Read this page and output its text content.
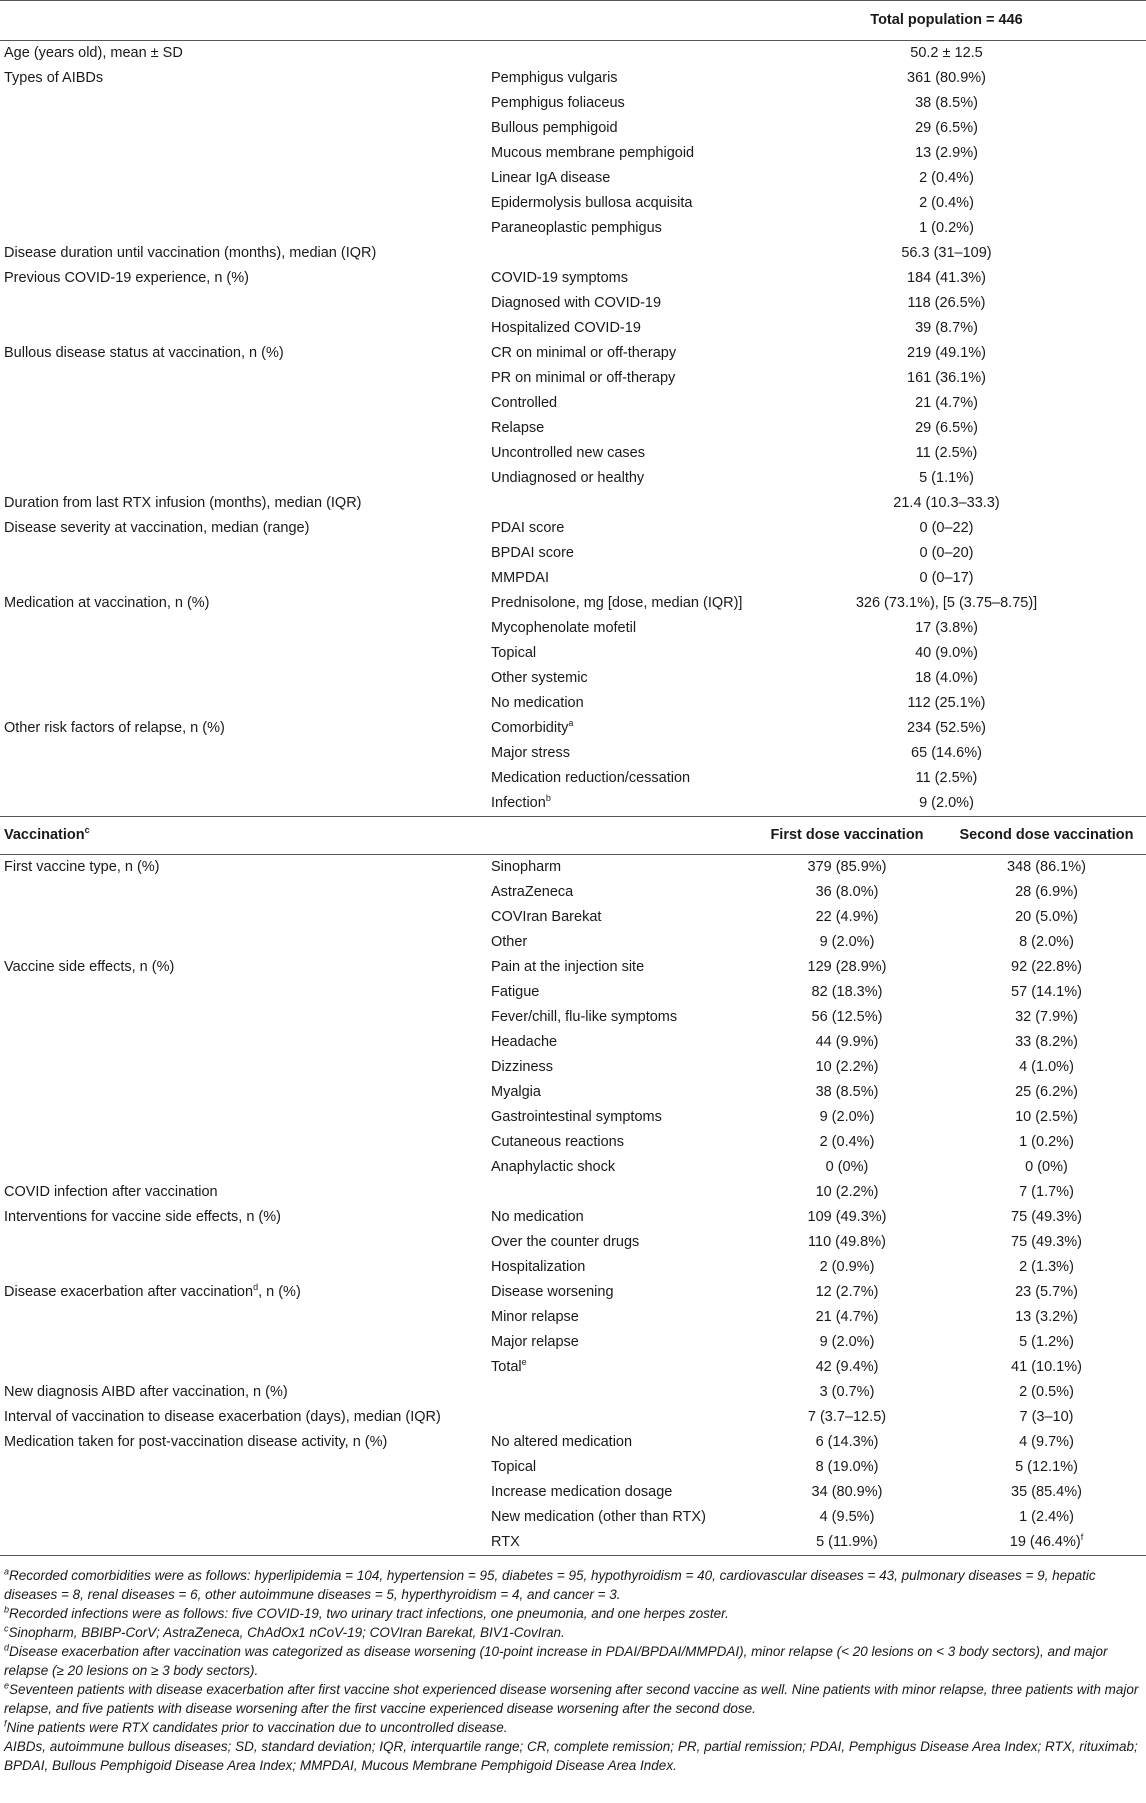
		Total population = 446	
Age (years old), mean ± SD		50.2 ± 12.5	
Types of AIBDs	Pemphigus vulgaris	361 (80.9%)	
	Pemphigus foliaceus	38 (8.5%)	
	Bullous pemphigoid	29 (6.5%)	
	Mucous membrane pemphigoid	13 (2.9%)	
	Linear IgA disease	2 (0.4%)	
	Epidermolysis bullosa acquisita	2 (0.4%)	
	Paraneoplastic pemphigus	1 (0.2%)	
Disease duration until vaccination (months), median (IQR)		56.3 (31–109)	
Previous COVID-19 experience, n (%)	COVID-19 symptoms	184 (41.3%)	
	Diagnosed with COVID-19	118 (26.5%)	
	Hospitalized COVID-19	39 (8.7%)	
Bullous disease status at vaccination, n (%)	CR on minimal or off-therapy	219 (49.1%)	
	PR on minimal or off-therapy	161 (36.1%)	
	Controlled	21 (4.7%)	
	Relapse	29 (6.5%)	
	Uncontrolled new cases	11 (2.5%)	
	Undiagnosed or healthy	5 (1.1%)	
Duration from last RTX infusion (months), median (IQR)		21.4 (10.3–33.3)	
Disease severity at vaccination, median (range)	PDAI score	0 (0–22)	
	BPDAI score	0 (0–20)	
	MMPDAI	0 (0–17)	
Medication at vaccination, n (%)	Prednisolone, mg [dose, median (IQR)]	326 (73.1%), [5 (3.75–8.75)]	
	Mycophenolate mofetil	17 (3.8%)	
	Topical	40 (9.0%)	
	Other systemic	18 (4.0%)	
	No medication	112 (25.1%)	
Other risk factors of relapse, n (%)	Comorbidity$^a$	234 (52.5%)	
	Major stress	65 (14.6%)	
	Medication reduction/cessation	11 (2.5%)	
	Infection$^b$	9 (2.0%)	
Vaccination$^c$		First dose vaccination	Second dose vaccination
First vaccine type, n (%)	Sinopharm	379 (85.9%)	348 (86.1%)
	AstraZeneca	36 (8.0%)	28 (6.9%)
	COVIran Barekat	22 (4.9%)	20 (5.0%)
	Other	9 (2.0%)	8 (2.0%)
Vaccine side effects, n (%)	Pain at the injection site	129 (28.9%)	92 (22.8%)
	Fatigue	82 (18.3%)	57 (14.1%)
	Fever/chill, flu-like symptoms	56 (12.5%)	32 (7.9%)
	Headache	44 (9.9%)	33 (8.2%)
	Dizziness	10 (2.2%)	4 (1.0%)
	Myalgia	38 (8.5%)	25 (6.2%)
	Gastrointestinal symptoms	9 (2.0%)	10 (2.5%)
	Cutaneous reactions	2 (0.4%)	1 (0.2%)
	Anaphylactic shock	0 (0%)	0 (0%)
COVID infection after vaccination		10 (2.2%)	7 (1.7%)
Interventions for vaccine side effects, n (%)	No medication	109 (49.3%)	75 (49.3%)
	Over the counter drugs	110 (49.8%)	75 (49.3%)
	Hospitalization	2 (0.9%)	2 (1.3%)
Disease exacerbation after vaccination$^d$, n (%)	Disease worsening	12 (2.7%)	23 (5.7%)
	Minor relapse	21 (4.7%)	13 (3.2%)
	Major relapse	9 (2.0%)	5 (1.2%)
	Total$^e$	42 (9.4%)	41 (10.1%)
New diagnosis AIBD after vaccination, n (%)		3 (0.7%)	2 (0.5%)
Interval of vaccination to disease exacerbation (days), median (IQR)		7 (3.7–12.5)	7 (3–10)
Medication taken for post-vaccination disease activity, n (%)	No altered medication	6 (14.3%)	4 (9.7%)
	Topical	8 (19.0%)	5 (12.1%)
	Increase medication dosage	34 (80.9%)	35 (85.4%)
	New medication (other than RTX)	4 (9.5%)	1 (2.4%)
	RTX	5 (11.9%)	19 $(46.4\%)^f$

$^a$Recorded comorbidities were as follows: hyperlipidemia = 104, hypertension = 95, diabetes = 95, hypothyroidism = 40, cardiovascular diseases = 43, pulmonary diseases = 9, hepatic diseases = 8, renal diseases = 6, other autoimmune diseases = 5, hyperthyroidism = 4, and cancer = 3.

$^b$Recorded infections were as follows: five COVID-19, two urinary tract infections, one pneumonia, and one herpes zoster.

$^c$Sinopharm, BBIBP-CorV; AstraZeneca, ChAdOx1 nCoV-19; COVIran Barekat, BIV1-CovIran.

$^d$Disease exacerbation after vaccination was categorized as disease worsening (10-point increase in PDAI/BPDAI/MMPDAI), minor relapse (< 20 lesions on < 3 body sectors), and major relapse (≥ 20 lesions on ≥ 3 body sectors).

$^e$Seventeen patients with disease exacerbation after first vaccine shot experienced disease worsening after second vaccine as well. Nine patients with minor relapse, three patients with major relapse, and five patients with disease worsening after the first vaccine experienced disease worsening after the second dose.

$^f$Nine patients were RTX candidates prior to vaccination due to uncontrolled disease.

AIBDs, autoimmune bullous diseases; SD, standard deviation; IQR, interquartile range; CR, complete remission; PR, partial remission; PDAI, Pemphigus Disease Area Index; RTX, rituximab; BPDAI, Bullous Pemphigoid Disease Area Index; MMPDAI, Mucous Membrane Pemphigoid Disease Area Index.
